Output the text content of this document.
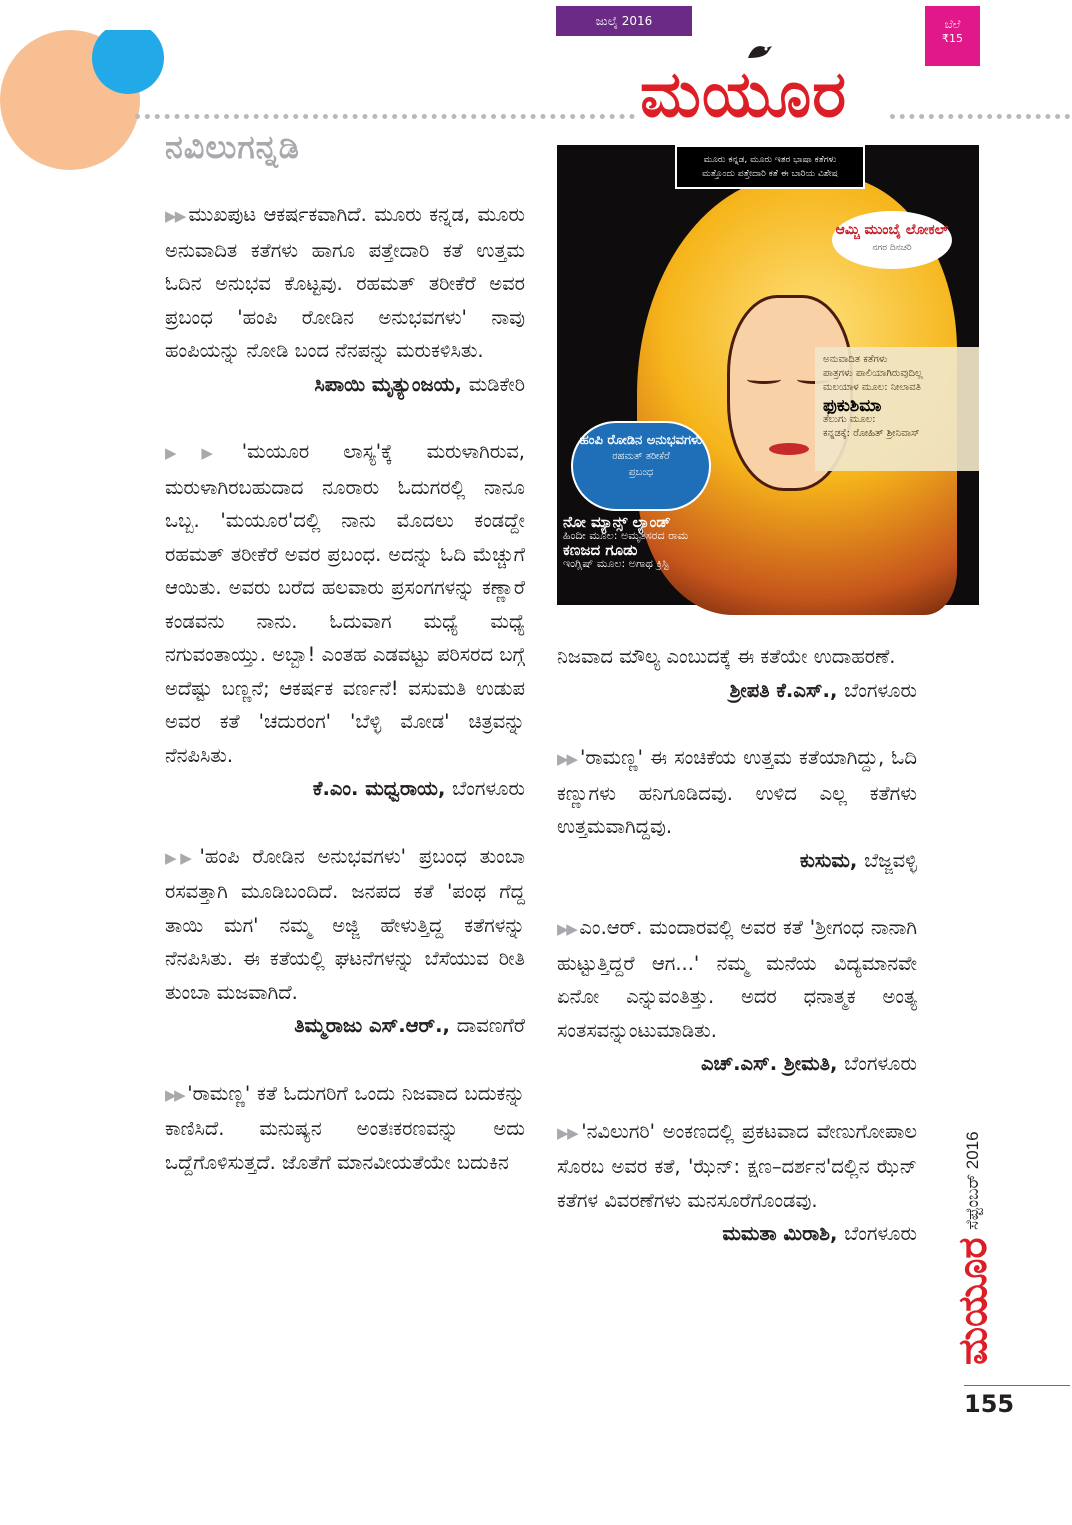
ನವಿಲುಗನ್ನಡಿ
ಜುಲೈ 2016	ಬೆಲೆ
₹15
ಮಯೂರ
ಮೂರು ಕನ್ನಡ, ಮೂರು ಇತರ ಭಾಷಾ ಕತೆಗಳು
ಮತ್ತೊಂದು ಪತ್ತೇದಾರಿ ಕತೆ ಈ ಬಾರಿಯ ವಿಶೇಷ
ಆಮ್ಚಿ ಮುಂಬೈ ಲೋಕಲ್
ನಗರ ದಿನಚರಿ
ಅನುವಾದಿತ ಕತೆಗಳು
ಪಾತ್ರಗಳು ಪಾಲಿಯಾಗಿರುವುದಿಲ್ಲ
ಮಲಯಾಳ ಮೂಲ: ನೀಲಾವತಿ
ಫುಕುಶಿಮಾ
ತೆಲುಗು ಮೂಲ:
ಕನ್ನಡಕ್ಕೆ: ರೋಹಿತ್ ಶ್ರೀನಿವಾಸ್
ಹಂಪಿ ರೋಡಿನ ಅನುಭವಗಳು
ರಹಮತ್ ತರೀಕೆರೆ
ಪ್ರಬಂಧ
ನೋ ಮ್ಯಾನ್ಸ್ ಲ್ಯಾಂಡ್
ಹಿಂದೀ ಮೂಲ: ಅಮೃತಸರದ ರಾಮ
ಕಣಜದ ಗೂಡು
ಇಂಗ್ಲಿಷ್ ಮೂಲ: ಅಗಾಥ ಕ್ರಿಸ್ಟಿ

▶▶ ಮುಖಪುಟ ಆಕರ್ಷಕವಾಗಿದೆ. ಮೂರು ಕನ್ನಡ, ಮೂರು ಅನುವಾದಿತ ಕತೆಗಳು ಹಾಗೂ ಪತ್ತೇದಾರಿ ಕತೆ ಉತ್ತಮ ಓದಿನ ಅನುಭವ ಕೊಟ್ಟವು. ರಹಮತ್ ತರೀಕೆರೆ ಅವರ ಪ್ರಬಂಧ 'ಹಂಪಿ ರೋಡಿನ ಅನುಭವಗಳು' ನಾವು ಹಂಪಿಯನ್ನು ನೋಡಿ ಬಂದ ನೆನಪನ್ನು ಮರುಕಳಿಸಿತು.

ಸಿಪಾಯಿ ಮೃತ್ಯುಂಜಯ, ಮಡಿಕೇರಿ

▶▶ 'ಮಯೂರ ಲಾಸ್ಯ'ಕ್ಕೆ ಮರುಳಾಗಿರುವ, ಮರುಳಾಗಿರಬಹುದಾದ ನೂರಾರು ಓದುಗರಲ್ಲಿ ನಾನೂ ಒಬ್ಬ. 'ಮಯೂರ'ದಲ್ಲಿ ನಾನು ಮೊದಲು ಕಂಡದ್ದೇ ರಹಮತ್ ತರೀಕೆರೆ ಅವರ ಪ್ರಬಂಧ. ಅದನ್ನು ಓದಿ ಮೆಚ್ಚುಗೆ ಆಯಿತು. ಅವರು ಬರೆದ ಹಲವಾರು ಪ್ರಸಂಗಗಳನ್ನು ಕಣ್ಣಾರೆ ಕಂಡವನು ನಾನು. ಓದುವಾಗ ಮಧ್ಯೆ ಮಧ್ಯೆ ನಗುವಂತಾಯ್ತು. ಅಬ್ಬಾ! ಎಂತಹ ಎಡವಟ್ಟು ಪರಿಸರದ ಬಗ್ಗೆ ಅದೆಷ್ಟು ಬಣ್ಣನೆ; ಆಕರ್ಷಕ ವರ್ಣನೆ! ವಸುಮತಿ ಉಡುಪ ಅವರ ಕತೆ 'ಚದುರಂಗ' 'ಬೆಳ್ಳಿ ಮೋಡ' ಚಿತ್ರವನ್ನು ನೆನಪಿಸಿತು.

ಕೆ.ಎಂ. ಮಧ್ವರಾಯ, ಬೆಂಗಳೂರು

▶▶ 'ಹಂಪಿ ರೋಡಿನ ಅನುಭವಗಳು' ಪ್ರಬಂಧ ತುಂಬಾ ರಸವತ್ತಾಗಿ ಮೂಡಿಬಂದಿದೆ. ಜನಪದ ಕತೆ 'ಪಂಥ ಗೆದ್ದ ತಾಯಿ ಮಗ' ನಮ್ಮ ಅಜ್ಜಿ ಹೇಳುತ್ತಿದ್ದ ಕತೆಗಳನ್ನು ನೆನಪಿಸಿತು. ಈ ಕತೆಯಲ್ಲಿ ಘಟನೆಗಳನ್ನು ಬೆಸೆಯುವ ರೀತಿ ತುಂಬಾ ಮಜವಾಗಿದೆ.

ತಿಮ್ಮರಾಜು ಎಸ್.ಆರ್., ದಾವಣಗೆರೆ

▶▶ 'ರಾಮಣ್ಣ' ಕತೆ ಓದುಗರಿಗೆ ಒಂದು ನಿಜವಾದ ಬದುಕನ್ನು ಕಾಣಿಸಿದೆ. ಮನುಷ್ಯನ ಅಂತಃಕರಣವನ್ನು ಅದು ಒದ್ದೆಗೊಳಿಸುತ್ತದೆ. ಜೊತೆಗೆ ಮಾನವೀಯತೆಯೇ ಬದುಕಿನ

ನಿಜವಾದ ಮೌಲ್ಯ ಎಂಬುದಕ್ಕೆ ಈ ಕತೆಯೇ ಉದಾಹರಣೆ.

ಶ್ರೀಪತಿ ಕೆ.ಎಸ್., ಬೆಂಗಳೂರು

▶▶ 'ರಾಮಣ್ಣ' ಈ ಸಂಚಿಕೆಯ ಉತ್ತಮ ಕತೆಯಾಗಿದ್ದು, ಓದಿ ಕಣ್ಣುಗಳು ಹನಿಗೂಡಿದವು. ಉಳಿದ ಎಲ್ಲ ಕತೆಗಳು ಉತ್ತಮವಾಗಿದ್ದವು.

ಕುಸುಮ, ಬೆಜ್ಜವಳ್ಳಿ

▶▶ ಎಂ.ಆರ್. ಮಂದಾರವಲ್ಲಿ ಅವರ ಕತೆ 'ಶ್ರೀಗಂಧ ನಾನಾಗಿ ಹುಟ್ಟುತ್ತಿದ್ದರೆ ಆಗ...' ನಮ್ಮ ಮನೆಯ ವಿದ್ಯಮಾನವೇ ಏನೋ ಎನ್ನುವಂತಿತ್ತು. ಅದರ ಧನಾತ್ಮಕ ಅಂತ್ಯ ಸಂತಸವನ್ನುಂಟುಮಾಡಿತು.

ಎಚ್.ಎಸ್. ಶ್ರೀಮತಿ, ಬೆಂಗಳೂರು

▶▶ 'ನವಿಲುಗರಿ' ಅಂಕಣದಲ್ಲಿ ಪ್ರಕಟವಾದ ವೇಣುಗೋಪಾಲ ಸೊರಬ ಅವರ ಕತೆ, 'ಝೆನ್: ಕ್ಷಣ–ದರ್ಶನ'ದಲ್ಲಿನ ಝೆನ್ ಕತೆಗಳ ವಿವರಣೆಗಳು ಮನಸೂರೆಗೊಂಡವು.

ಮಮತಾ ಮಿರಾಶಿ, ಬೆಂಗಳೂರು

ಮಯೂರ
ಸೆಪ್ಟೆಂಬರ್ 2016
155
